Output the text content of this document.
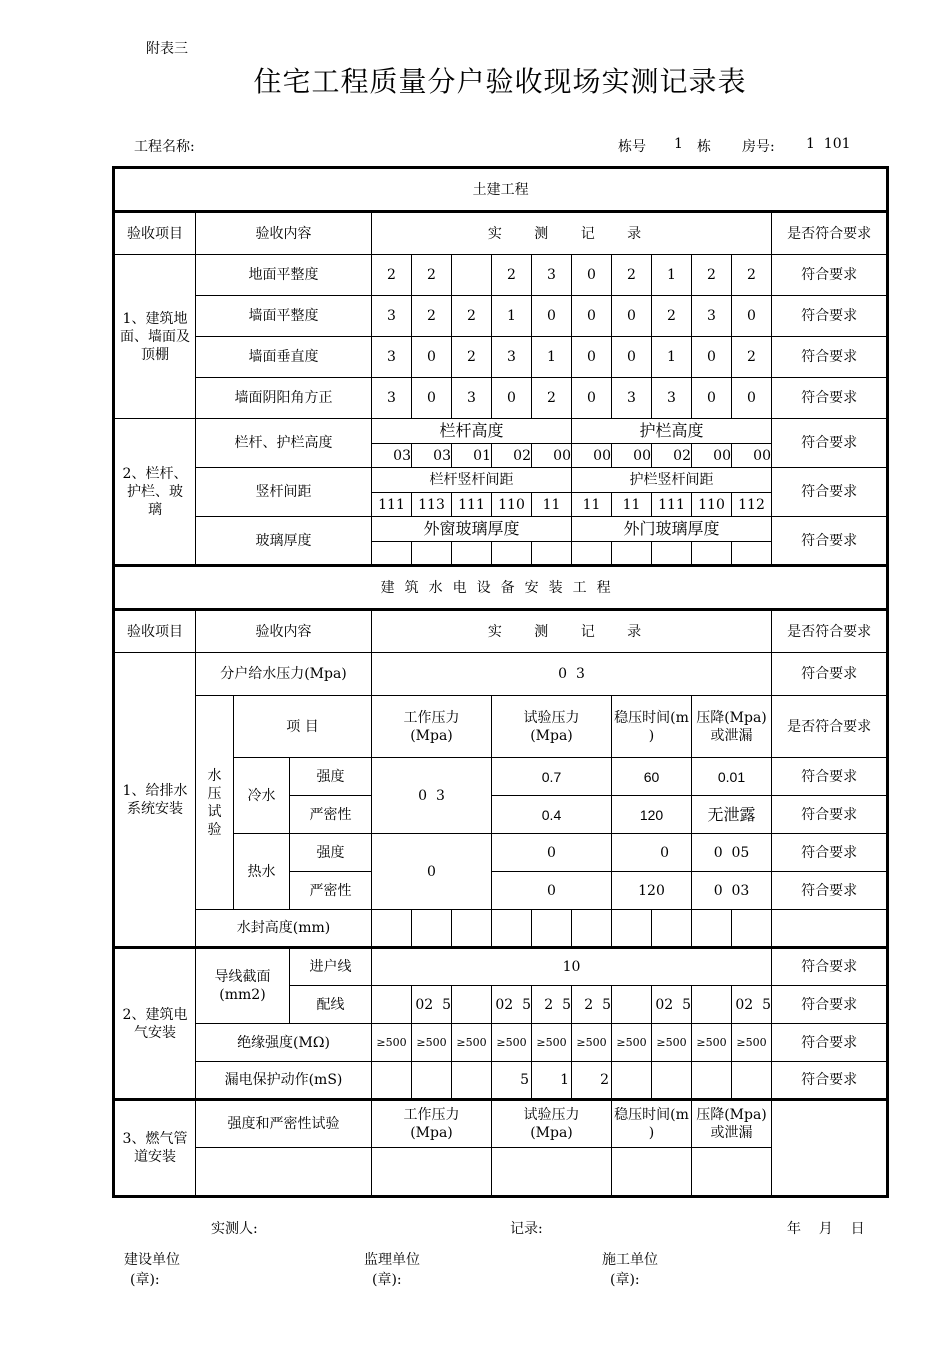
附表三
住宅工程质量分户验收现场实测记录表
工程名称:	栋号 1 栋 房号: 1  101
土建工程														
验收项目	验收内容			实 测 记 录										是否符合要求
1、建筑地面、墙面及顶棚	地面平整度			2	2		2	3	0	2	1	2	2	符合要求
	墙面平整度			3	2	2	1	0	0	0	2	3	0	符合要求
	墙面垂直度			3	0	2	3	1	0	0	1	0	2	符合要求
	墙面阴阳角方正			3	0	3	0	2	0	3	3	0	0	符合要求
2、栏杆、护栏、玻璃	栏杆、护栏高度			栏杆高度					护栏高度					符合要求
				03	03	01	02	00	00	00	02	00	00	
	竖杆间距			栏杆竖杆间距					护栏竖杆间距					符合要求
				111	113	111	110	11	11	11	111	110	112	
	玻璃厚度			外窗玻璃厚度					外门玻璃厚度					符合要求

建筑水电设备安装工程														
验收项目	验收内容			实 测 记 录										是否符合要求
1、给排水系统安装	分户给水压力(Mpa)			0  3										符合要求
	水压试验	项 目		工作压力(Mpa)			试验压力(Mpa)			稳压时间(m )		压降(Mpa)或泄漏		是否符合要求
		冷水	强度	0  3			0.7			60		0.01		符合要求
			严密性				0.4			120		无泄露		符合要求
		热水	强度	0			0			0		0  05		符合要求
			严密性				0			120		0  03		符合要求
	水封高度(mm)													
2、建筑电气安装	导线截面(mm2)		进户线	10										符合要求
			配线		02  5		02  5	2  5	2  5		02  5		02  5	符合要求
	绝缘强度(MΩ)			≥500	≥500	≥500	≥500	≥500	≥500	≥500	≥500	≥500	≥500	符合要求
	漏电保护动作(mS)						5	1	2					符合要求
3、燃气管道安装	强度和严密性试验			工作压力(Mpa)			试验压力(Mpa)			稳压时间(m )		压降(Mpa)或泄漏		

实测人:	记录:	年    月    日
建设单位
(章):
监理单位
(章):
施工单位
(章):
